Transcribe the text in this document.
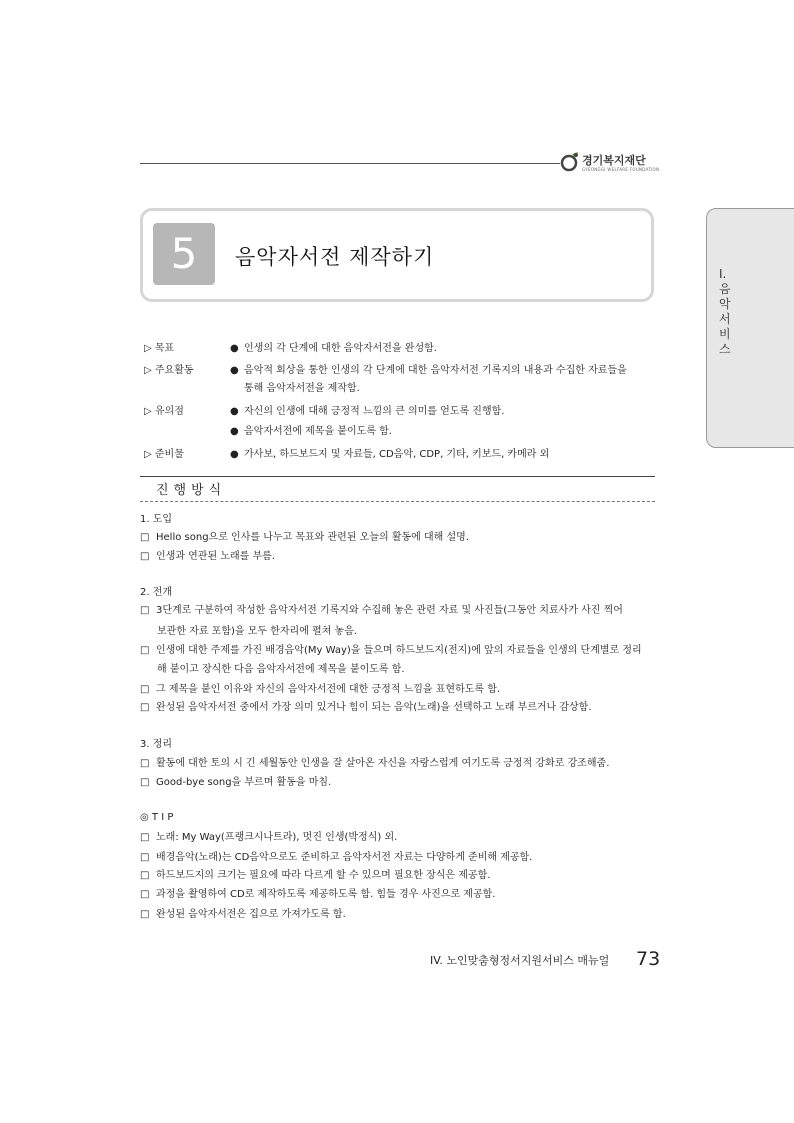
경기복지재단
GYEONGGI WELFARE FOUNDATION
Ⅰ. 음악서비스
5	음악자서전 제작하기
▷ 목표	● 인생의 각 단계에 대한 음악자서전을 완성함.
▷ 주요활동	● 음악적 회상을 통한 인생의 각 단계에 대한 음악자서전 기록지의 내용과 수집한 자료들을
통해 음악자서전을 제작함.
▷ 유의점	● 자신의 인생에 대해 긍정적 느낌의 큰 의미를 얻도록 진행함.
● 음악자서전에 제목을 붙이도록 함.
▷ 준비물	● 가사보, 하드보드지 및 자료들, CD음악, CDP, 기타, 키보드, 카메라 외
진행방식
1. 도입
□ Hello song으로 인사를 나누고 목표와 관련된 오늘의 활동에 대해 설명.
□ 인생과 연관된 노래를 부름.
2. 전개
□ 3단계로 구분하여 작성한 음악자서전 기록지와 수집해 놓은 관련 자료 및 사진들(그동안 치료사가 사진 찍어
보관한 자료 포함)을 모두 한자리에 펼쳐 놓음.
□ 인생에 대한 주제를 가진 배경음악(My Way)을 들으며 하드보드지(전지)에 앞의 자료들을 인생의 단계별로 정리
해 붙이고 장식한 다음 음악자서전에 제목을 붙이도록 함.
□ 그 제목을 붙인 이유와 자신의 음악자서전에 대한 긍정적 느낌을 표현하도록 함.
□ 완성된 음악자서전 중에서 가장 의미 있거나 힘이 되는 음악(노래)을 선택하고 노래 부르거나 감상함.
3. 정리
□ 활동에 대한 토의 시 긴 세월동안 인생을 잘 살아온 자신을 자랑스럽게 여기도록 긍정적 강화로 강조해줌.
□ Good-bye song을 부르며 활동을 마침.
◎ T I P
□ 노래: My Way(프랭크시나트라), 멋진 인생(박정식) 외.
□ 배경음악(노래)는 CD음악으로도 준비하고 음악자서전 자료는 다양하게 준비해 제공함.
□ 하드보드지의 크기는 필요에 따라 다르게 할 수 있으며 필요한 장식은 제공함.
□ 과정을 촬영하여 CD로 제작하도록 제공하도록 함. 힘들 경우 사진으로 제공함.
□ 완성된 음악자서전은 집으로 가져가도록 함.
IV. 노인맞춤형정서지원서비스 매뉴얼 73
